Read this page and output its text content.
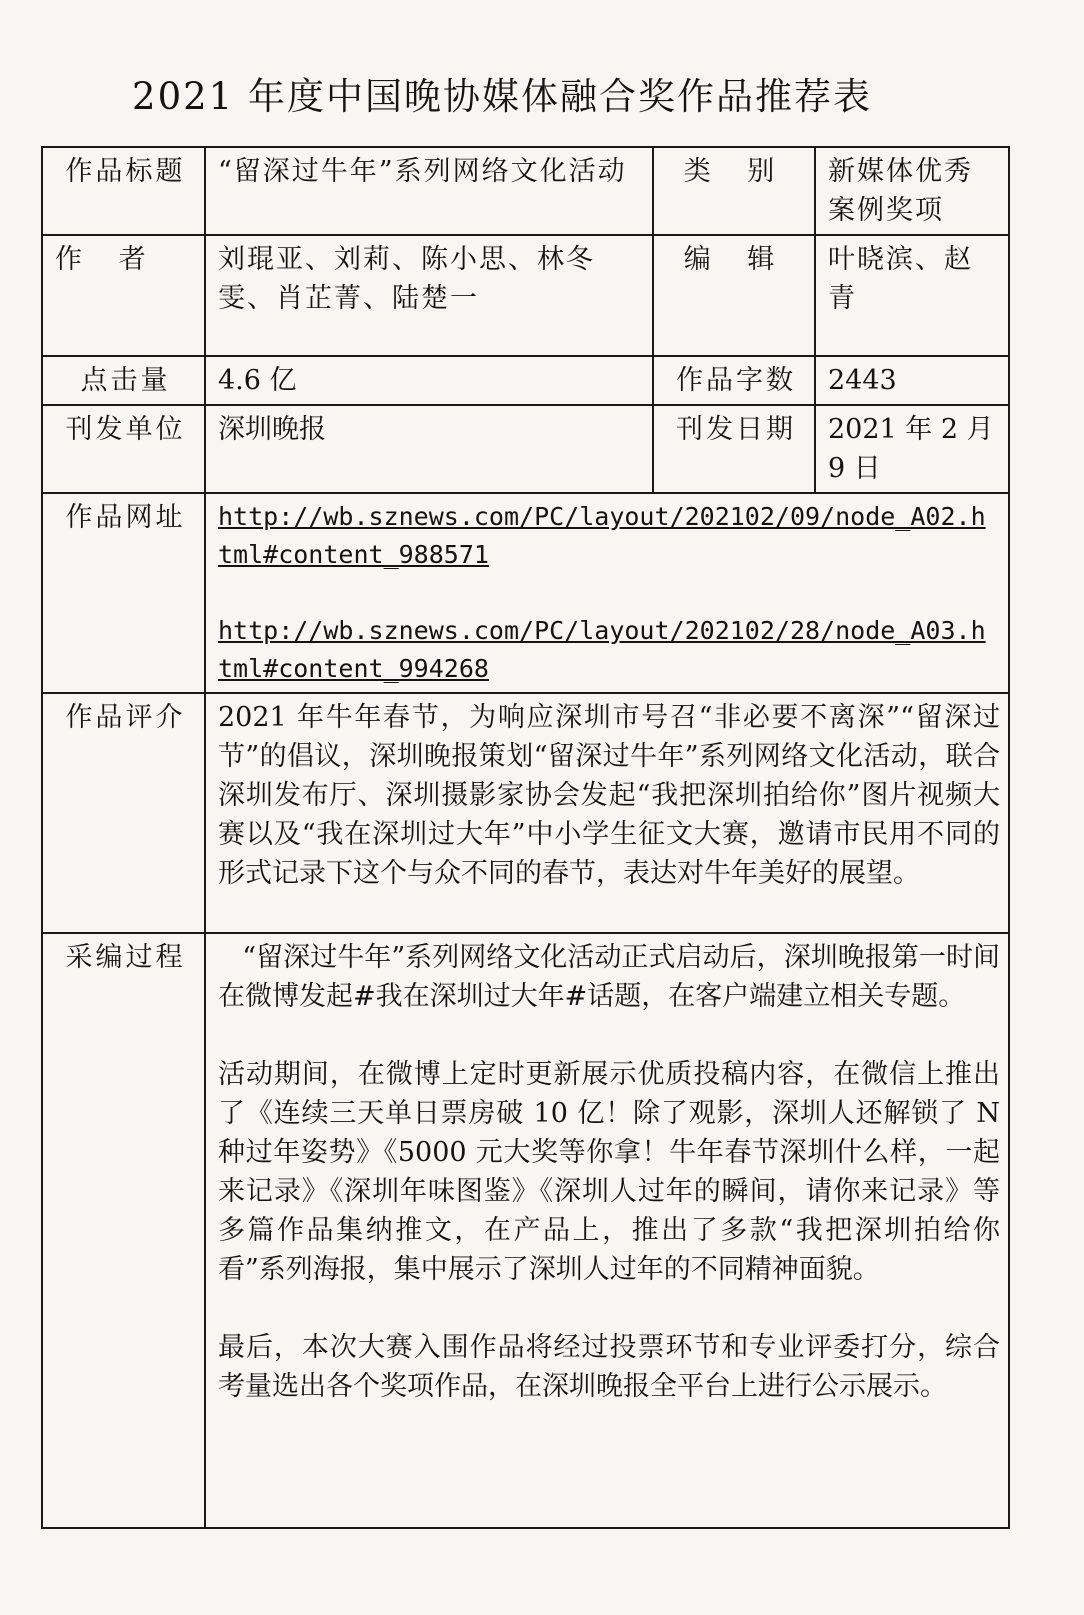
2021 年度中国晚协媒体融合奖作品推荐表
作品标题	“留深过牛年”系列网络文化活动	类 别	新媒体优秀案例奖项
作 者	刘琨亚、刘莉、陈小思、林冬雯、肖芷菁、陆楚一	编 辑	叶晓滨、赵青
点击量	4.6 亿	作品字数	2443
刊发单位	深圳晚报	刊发日期	2021 年 2 月 9 日
作品网址	http://wb.sznews.com/PC/layout/202102/09/node_A02.html#content_988571
http://wb.sznews.com/PC/layout/202102/28/node_A03.html#content_994268		

作品评介	2021 年牛年春节，为响应深圳市号召“非必要不离深”“留深过节”的倡议，深圳晚报策划“留深过牛年”系列网络文化活动，联合深圳发布厅、深圳摄影家协会发起“我把深圳拍给你”图片视频大赛以及“我在深圳过大年”中小学生征文大赛，邀请市民用不同的形式记录下这个与众不同的春节，表达对牛年美好的展望。		

采编过程	“留深过牛年”系列网络文化活动正式启动后，深圳晚报第一时间在微博发起#我在深圳过大年#话题，在客户端建立相关专题。

活动期间，在微博上定时更新展示优质投稿内容，在微信上推出了《连续三天单日票房破 10 亿！除了观影，深圳人还解锁了 N 种过年姿势》《5000 元大奖等你拿！牛年春节深圳什么样，一起来记录》《深圳年味图鉴》《深圳人过年的瞬间，请你来记录》等多篇作品集纳推文，在产品上，推出了多款“我把深圳拍给你看”系列海报，集中展示了深圳人过年的不同精神面貌。

最后，本次大赛入围作品将经过投票环节和专业评委打分，综合考量选出各个奖项作品，在深圳晚报全平台上进行公示展示。		
